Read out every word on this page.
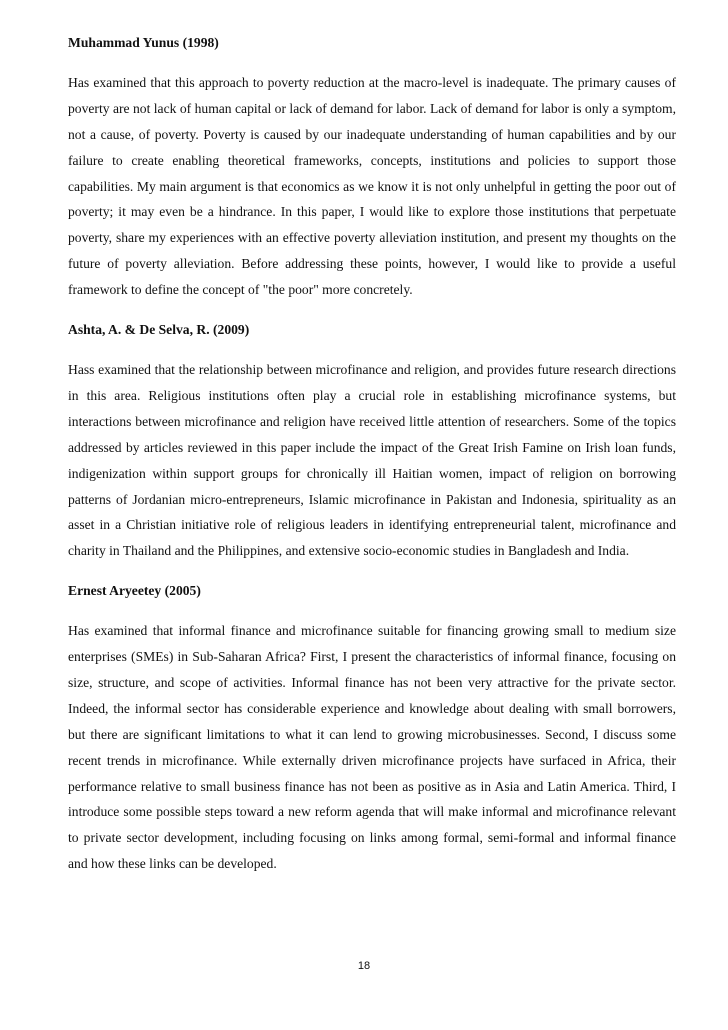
Muhammad Yunus (1998)

Has examined that this approach to poverty reduction at the macro-level is inadequate. The primary causes of poverty are not lack of human capital or lack of demand for labor. Lack of demand for labor is only a symptom, not a cause, of poverty. Poverty is caused by our inadequate understanding of human capabilities and by our failure to create enabling theoretical frameworks, concepts, institutions and policies to support those capabilities. My main argument is that economics as we know it is not only unhelpful in getting the poor out of poverty; it may even be a hindrance. In this paper, I would like to explore those institutions that perpetuate poverty, share my experiences with an effective poverty alleviation institution, and present my thoughts on the future of poverty alleviation. Before addressing these points, however, I would like to provide a useful framework to define the concept of "the poor" more concretely.

Ashta, A. & De Selva, R. (2009)

Hass examined that the relationship between microfinance and religion, and provides future research directions in this area. Religious institutions often play a crucial role in establishing microfinance systems, but interactions between microfinance and religion have received little attention of researchers. Some of the topics addressed by articles reviewed in this paper include the impact of the Great Irish Famine on Irish loan funds, indigenization within support groups for chronically ill Haitian women, impact of religion on borrowing patterns of Jordanian micro-entrepreneurs, Islamic microfinance in Pakistan and Indonesia, spirituality as an asset in a Christian initiative role of religious leaders in identifying entrepreneurial talent, microfinance and charity in Thailand and the Philippines, and extensive socio-economic studies in Bangladesh and India.

Ernest Aryeetey (2005)

Has examined that informal finance and microfinance suitable for financing growing small to medium size enterprises (SMEs) in Sub-Saharan Africa? First, I present the characteristics of informal finance, focusing on size, structure, and scope of activities. Informal finance has not been very attractive for the private sector. Indeed, the informal sector has considerable experience and knowledge about dealing with small borrowers, but there are significant limitations to what it can lend to growing microbusinesses. Second, I discuss some recent trends in microfinance. While externally driven microfinance projects have surfaced in Africa, their performance relative to small business finance has not been as positive as in Asia and Latin America. Third, I introduce some possible steps toward a new reform agenda that will make informal and microfinance relevant to private sector development, including focusing on links among formal, semi-formal and informal finance and how these links can be developed.

18
